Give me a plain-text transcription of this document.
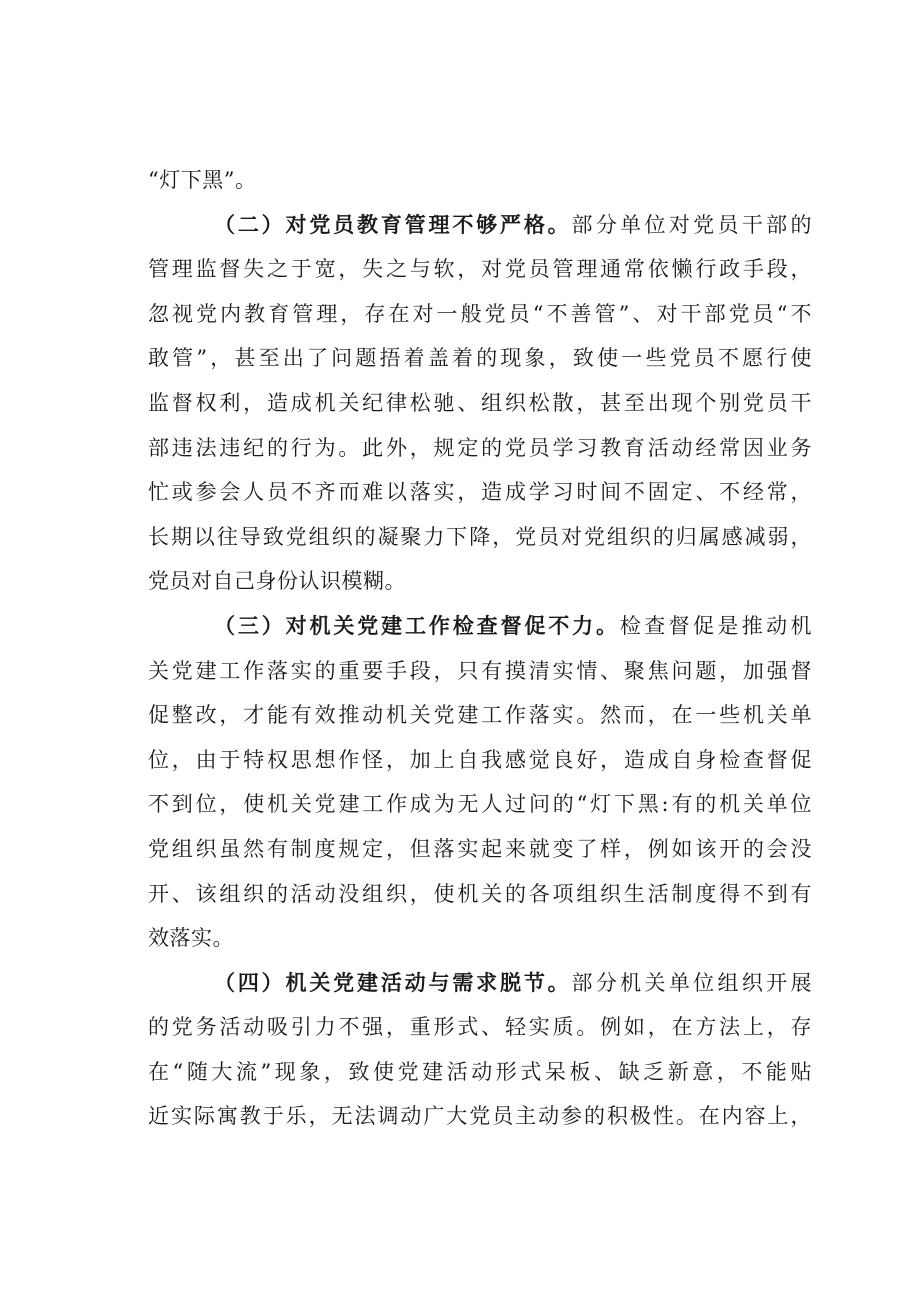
“灯下黑”。
（二）对党员教育管理不够严格。部分单位对党员干部的
管理监督失之于宽，失之与软，对党员管理通常依懒行政手段，
忽视党内教育管理，存在对一般党员“不善管”、对干部党员“不
敢管”，甚至出了问题捂着盖着的现象，致使一些党员不愿行使
监督权利，造成机关纪律松驰、组织松散，甚至出现个别党员干
部违法违纪的行为。此外，规定的党员学习教育活动经常因业务
忙或参会人员不齐而难以落实，造成学习时间不固定、不经常，
长期以往导致党组织的凝聚力下降，党员对党组织的归属感减弱，
党员对自己身份认识模糊。
（三）对机关党建工作检查督促不力。检查督促是推动机
关党建工作落实的重要手段，只有摸清实情、聚焦问题，加强督
促整改，才能有效推动机关党建工作落实。然而，在一些机关单
位，由于特权思想作怪，加上自我感觉良好，造成自身检查督促
不到位，使机关党建工作成为无人过问的“灯下黑:有的机关单位
党组织虽然有制度规定，但落实起来就变了样，例如该开的会没
开、该组织的活动没组织，使机关的各项组织生活制度得不到有
效落实。
（四）机关党建活动与需求脱节。部分机关单位组织开展
的党务活动吸引力不强，重形式、轻实质。例如，在方法上，存
在“随大流”现象，致使党建活动形式呆板、缺乏新意，不能贴
近实际寓教于乐，无法调动广大党员主动参的积极性。在内容上，
